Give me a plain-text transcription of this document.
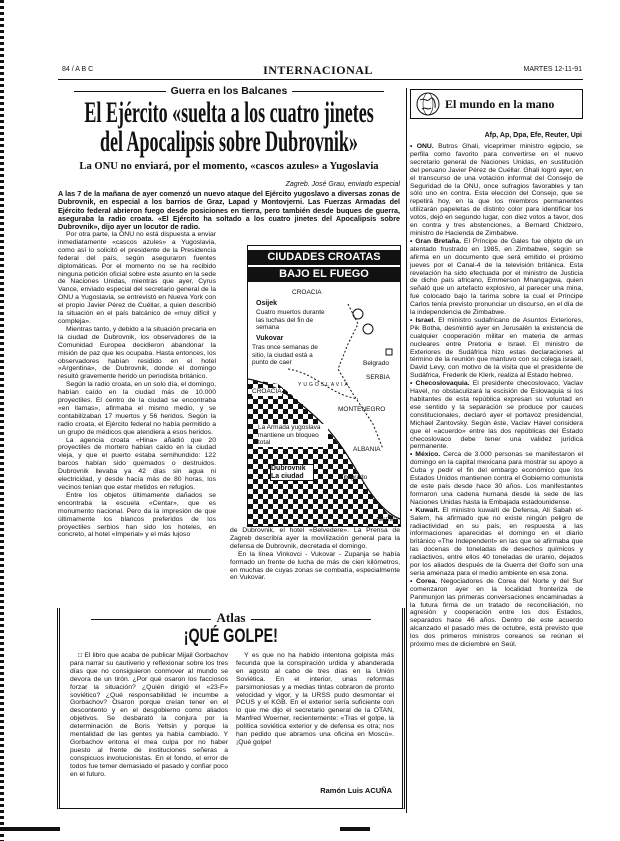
84 / A B C	INTERNACIONAL	MARTES 12-11-91
Guerra en los Balcanes
El Ejército «suelta a los cuatro jinetes
del Apocalipsis sobre Dubrovnik»
La ONU no enviará, por el momento, «cascos azules» a Yugoslavia
Zagreb. José Grau, enviado especial
A las 7 de la mañana de ayer comenzó un nuevo ataque del Ejército yugoslavo a diversas zonas de Dubrovnik, en especial a los barrios de Graz, Lapad y Montovjerni. Las Fuerzas Armadas del Ejército federal abrieron fuego desde posiciones en tierra, pero también desde buques de guerra, aseguraba la radio croata. «El Ejército ha soltado a los cuatro jinetes del Apocalipsis sobre Dubrovnik», dijo ayer un locutor de radio.

Por otra parte, la ONU no está dispuesta a enviar inmediatamente «cascos azules» a Yugoslavia, como así lo solicitó el presidente de la Presidencia federal del país, según aseguraron fuentes diplomáticas. Por el momento no se ha recibido ninguna petición oficial sobre este asunto en la sede de Naciones Unidas, mientras que ayer, Cyrus Vance, enviado especial del secretario general de la ONU a Yugoslavia, se entrevistó en Nueva York con el propio Javier Pérez de Cuéllar, a quien describió la situación en el país balcánico de «muy difícil y compleja».

Mientras tanto, y debido a la situación precaria en la ciudad de Dubrovnik, los observadores de la Comunidad Europea decidieron abandonar la misión de paz que les ocupaba. Hasta entonces, los observadores habían residido en el hotel «Argentina», de Dubrovnik, donde el domingo resultó gravemente herido un periodista británico.

Según la radio croata, en un solo día, el domingo, habían caído en la ciudad más de 10.000 proyectiles. El centro de la ciudad se encontraba «en llamas», afirmaba el mismo medio, y se contabilizaban 17 muertos y 56 heridos. Según la radio croata, el Ejército federal no había permitido a un grupo de médicos que atendiera a esos heridos.

La agencia croata «Hina» añadió que 20 proyectiles de mortero habían caído en la ciudad vieja, y que el puerto estaba semihundido: 122 barcos habían sido quemados o destruidos. Dubrovnik llevaba ya 42 días sin agua ni electricidad, y desde hacía más de 80 horas, los vecinos tenían que estar metidos en refugios.

Entre los objetos últimamente dañados se encontraba la escuela «Centar», que es monumento nacional. Pero da la impresión de que últimamente los blancos preferidos de los proyectiles serbios han sido los hoteles, en concreto, al hotel «Imperial» y el más lujoso

CIUDADES CROATAS
BAJO EL FUEGO
CROACIA
Osijek
Cuatro muertos durante las luchas del fin de semana
Vukovar
Tras once semanas de sitio, la ciudad está a punto de caer	Belgrado
SERBIA
YUGOSLAVIA
CROACIA
MONTENEGRO
La Armada yugoslava mantiene un bloqueo total
ALBANIA
Dubrovnik La ciudad	Titogrado
REUTER

de Dubrovnik, el hotel «Belvedere». La Prensa de Zagreb describía ayer la movilización general para la defensa de Dubrovnik, decretada el domingo.

En la línea Vinkovci - Vukovar - Zupanja se había formado un frente de lucha de más de cien kilómetros, en muchas de cuyas zonas se combatía, especialmente en Vukovar.

El mundo en la mano
Afp, Ap, Dpa, Efe, Reuter, Upi

• ONU. Butros Ghali, viceprimer ministro egipcio, se perfila como favorito para convertirse en el nuevo secretario general de Naciones Unidas, en sustitución del peruano Javier Pérez de Cuéllar. Ghali logró ayer, en el transcurso de una votación informal del Consejo de Seguridad de la ONU, once sufragios favorables y tan sólo uno en contra. Esta elección del Consejo, que se repetirá hoy, en la que los miembros permanentes utilizarán papeletas de distinto color para identificar los votos, dejó en segundo lugar, con diez votos a favor, dos en contra y tres abstenciones, a Bernard Chidzero, ministro de Hacienda de Zimbabwe.

• Gran Bretaña. El Príncipe de Gales fue objeto de un atentado frustrado en 1985, en Zimbabwe, según se afirma en un documento que será emitido el próximo jueves por el Canal-4 de la televisión británica. Esta revelación ha sido efectuada por el ministro de Justicia de dicho país africano, Emmerson Mnangagwa, quien señaló que un artefacto explosivo, al parecer una mina, fue colocado bajo la tarima sobre la cual el Príncipe Carlos tenía previsto pronunciar un discurso, en el día de la independencia de Zimbabwe.

• Israel. El ministro sudafricano de Asuntos Exteriores, Pik Botha, desmintió ayer en Jerusalén la existencia de cualquier cooperación militar en materia de armas nucleares entre Pretoria e Israel. El ministro de Exteriores de Sudáfrica hizo estas declaraciones al término de la reunión que mantuvo con su colega israelí, David Levy, con motivo de la visita que el presidente de Sudáfrica, Frederik de Klerk, realiza al Estado hebreo.

• Checoslovaquia. El presidente checoslovaco, Vaclav Havel, no obstaculizará la escisión de Eslovaquia si los habitantes de esta república expresan su voluntad en ese sentido y la separación se produce por cauces constitucionales, declaró ayer el portavoz presidencial, Michael Zantovsky. Según éste, Vaclav Havel considera que el «acuerdo» entre las dos repúblicas del Estado checoslovaco debe tener una validez jurídica permanente.

• México. Cerca de 3.000 personas se manifestaron el domingo en la capital mexicana para mostrar su apoyo a Cuba y pedir el fin del embargo económico que los Estados Unidos mantienen contra el Gobierno comunista de este país desde hace 30 años. Los manifestantes formaron una cadena humana desde la sede de las Naciones Unidas hasta la Embajada estadounidense.

• Kuwait. El ministro kuwaití de Defensa, Ali Sabah el-Salem, ha afirmado que no existe ningún peligro de radiactividad en su país, en respuesta a las informaciones aparecidas el domingo en el diario británico «The Independent» en las que se afirmaba que las docenas de toneladas de desechos químicos y radiactivos, entre ellos 40 toneladas de uranio, dejados por los aliados después de la Guerra del Golfo son una seria amenaza para el medio ambiente en esa zona.

• Corea. Negociadores de Corea del Norte y del Sur comenzaron ayer en la localidad fronteriza de Panmunjon las primeras conversaciones encaminadas a la futura firma de un tratado de reconciliación, no agresión y cooperación entre los dos Estados, separados hace 46 años. Dentro de este acuerdo alcanzado el pasado mes de octubre, está previsto que los dos primeros ministros coreanos se reúnan el próximo mes de diciembre en Seúl.

Atlas
¡QUÉ GOLPE!

□ El libro que acaba de publicar Mijail Gorbachov para narrar su cautiverio y reflexionar sobre los tres días que no consiguieron conmover al mundo se devora de un tirón. ¿Por qué osaron los facciosos forzar la situación? ¿Quién dirigió el «23-F» soviético? ¿Qué responsabilidad le incumbe a Gorbachov? Osaron porque creían tener en el descontento y en el desgobierno como aliados objetivos. Se desbarató la conjura por la determinación de Boris Yeltsin y porque la mentalidad de las gentes ya había cambiado. Y Gorbachov entona el mea culpa por no haber puesto al frente de instituciones señeras a conspicuos involucionistas. En el fondo, el error de todos fue temer demasiado el pasado y confiar poco en el futuro.

Y es que no ha habido intentona golpista más fecunda que la conspiración urdida y abanderada en agosto al cabo de tres días en la Unión Soviética. En el interior, unas reformas parsimoniosas y a medias tintas cobraron de pronto velocidad y vigor, y la URSS pudo desmontar el PCUS y el KGB. En el exterior sería suficiente con lo que me dijo el secretario general de la OTAN, Manfred Woerner, recientemente: «Tras el golpe, la política soviética exterior y de defensa es otra; nos han pedido que abramos una oficina en Moscú». ¡Qué golpe!

Ramón Luis ACUÑA
